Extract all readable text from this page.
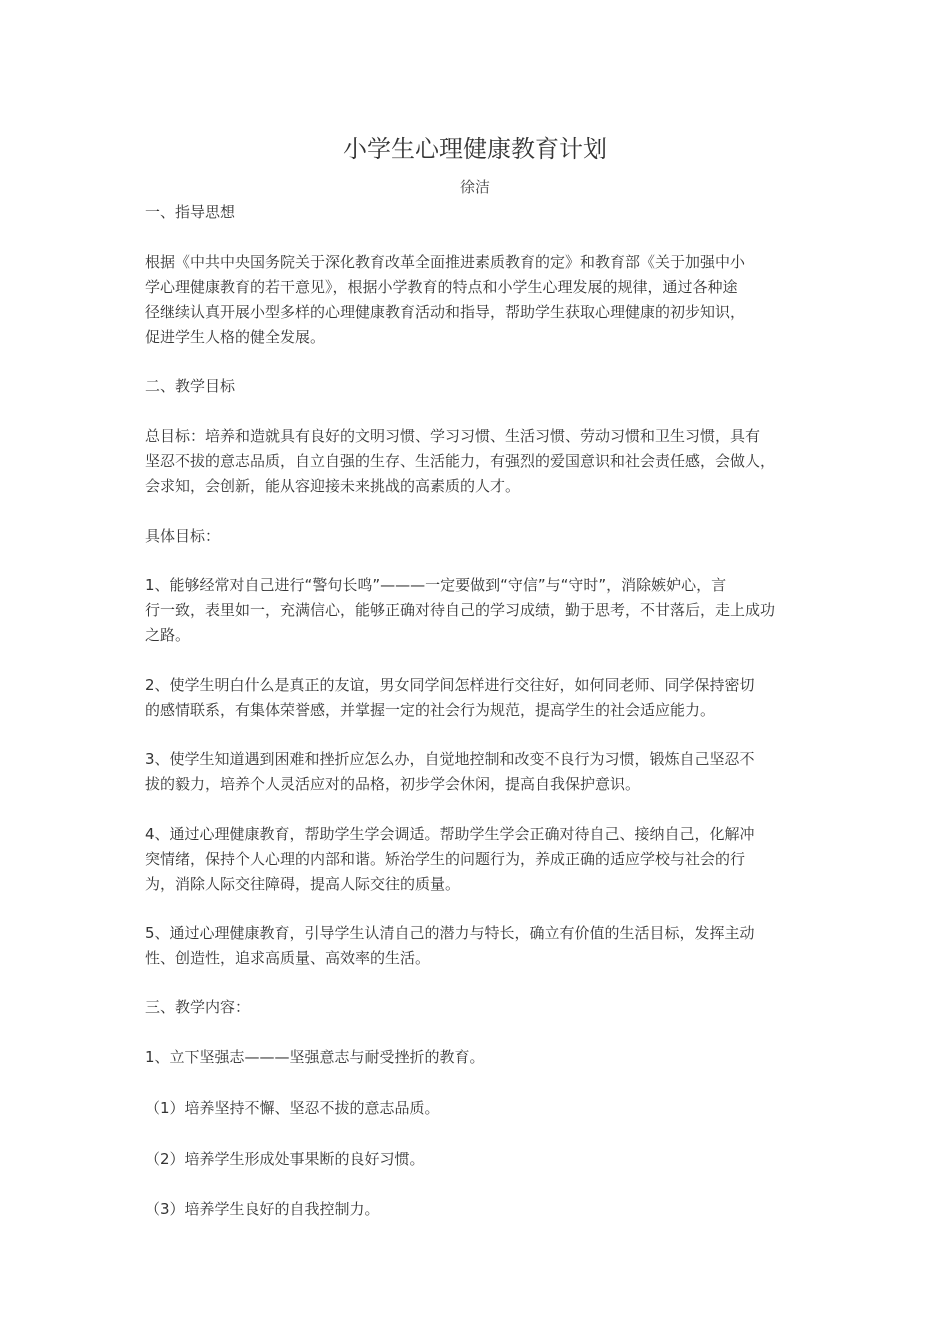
小学生心理健康教育计划
徐洁
一、指导思想
根据《中共中央国务院关于深化教育改革全面推进素质教育的定》和教育部《关于加强中小
学心理健康教育的若干意见》，根据小学教育的特点和小学生心理发展的规律，通过各种途
径继续认真开展小型多样的心理健康教育活动和指导，帮助学生获取心理健康的初步知识，
促进学生人格的健全发展。
二、教学目标
总目标：培养和造就具有良好的文明习惯、学习习惯、生活习惯、劳动习惯和卫生习惯，具有
坚忍不拔的意志品质，自立自强的生存、生活能力，有强烈的爱国意识和社会责任感，会做人，
会求知，会创新，能从容迎接未来挑战的高素质的人才。
具体目标：
1、能够经常对自己进行“警句长鸣”———一定要做到“守信”与“守时”，消除嫉妒心，言
行一致，表里如一，充满信心，能够正确对待自己的学习成绩，勤于思考，不甘落后，走上成功
之路。
2、使学生明白什么是真正的友谊，男女同学间怎样进行交往好，如何同老师、同学保持密切
的感情联系，有集体荣誉感，并掌握一定的社会行为规范，提高学生的社会适应能力。
3、使学生知道遇到困难和挫折应怎么办，自觉地控制和改变不良行为习惯，锻炼自己坚忍不
拔的毅力，培养个人灵活应对的品格，初步学会休闲，提高自我保护意识。
4、通过心理健康教育，帮助学生学会调适。帮助学生学会正确对待自己、接纳自己，化解冲
突情绪，保持个人心理的内部和谐。矫治学生的问题行为，养成正确的适应学校与社会的行
为，消除人际交往障碍，提高人际交往的质量。
5、通过心理健康教育，引导学生认清自己的潜力与特长，确立有价值的生活目标，发挥主动
性、创造性，追求高质量、高效率的生活。
三、教学内容：
1、立下坚强志———坚强意志与耐受挫折的教育。
（1）培养坚持不懈、坚忍不拔的意志品质。
（2）培养学生形成处事果断的良好习惯。
（3）培养学生良好的自我控制力。
